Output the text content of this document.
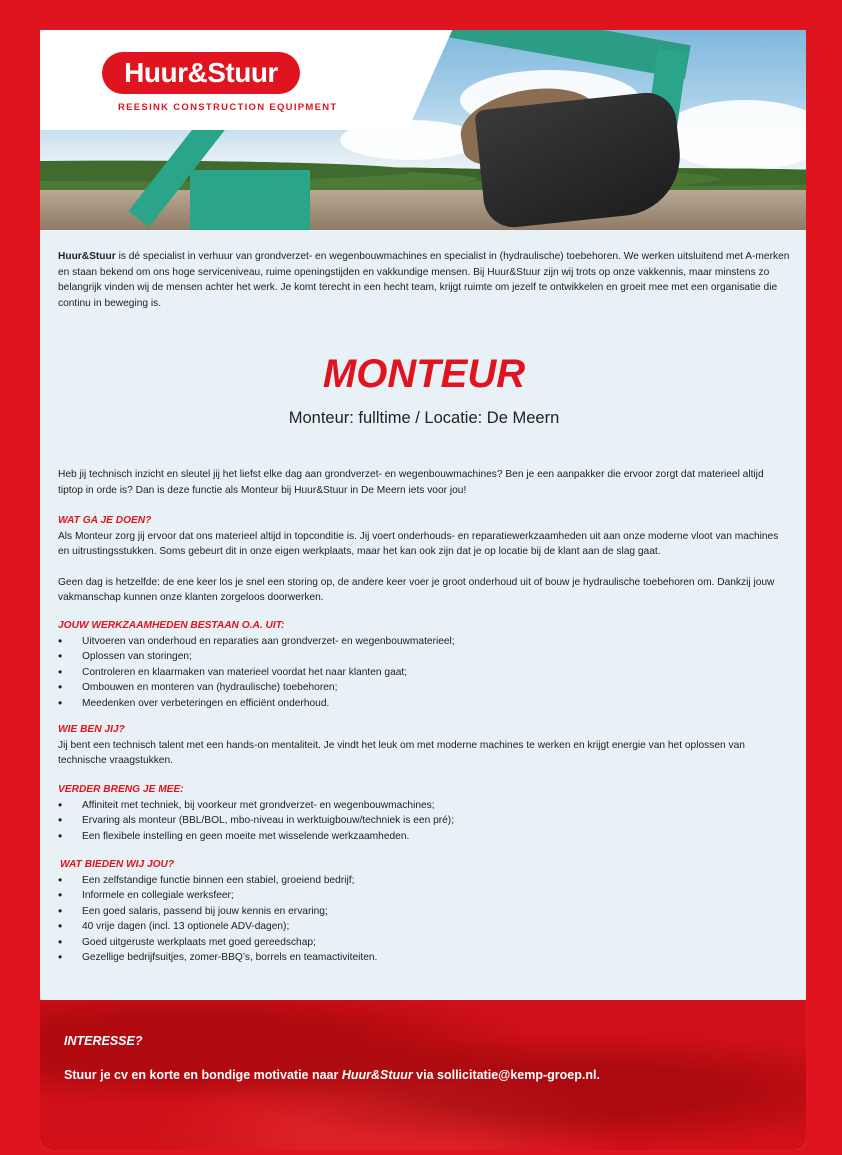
Huur&Stuur
REESINK CONSTRUCTION EQUIPMENT

Huur&Stuur is dé specialist in verhuur van grondverzet- en wegenbouwmachines en specialist in (hydraulische) toebehoren. We werken uitsluitend met A-merken en staan bekend om ons hoge serviceniveau, ruime openingstijden en vakkundige mensen. Bij Huur&Stuur zijn wij trots op onze vakkennis, maar minstens zo belangrijk vinden wij de mensen achter het werk. Je komt terecht in een hecht team, krijgt ruimte om jezelf te ontwikkelen en groeit mee met een organisatie die continu in beweging is.

MONTEUR
Monteur: fulltime / Locatie: De Meern

Heb jij technisch inzicht en sleutel jij het liefst elke dag aan grondverzet- en wegenbouwmachines? Ben je een aanpakker die ervoor zorgt dat materieel altijd tiptop in orde is? Dan is deze functie als Monteur bij Huur&Stuur in De Meern iets voor jou!

WAT GA JE DOEN?

Als Monteur zorg jij ervoor dat ons materieel altijd in topconditie is. Jij voert onderhouds- en reparatiewerkzaamheden uit aan onze moderne vloot van machines en uitrustingsstukken. Soms gebeurt dit in onze eigen werkplaats, maar het kan ook zijn dat je op locatie bij de klant aan de slag gaat.

Geen dag is hetzelfde: de ene keer los je snel een storing op, de andere keer voer je groot onderhoud uit of bouw je hydraulische toebehoren om. Dankzij jouw vakmanschap kunnen onze klanten zorgeloos doorwerken.

JOUW WERKZAAMHEDEN BESTAAN O.A. UIT:
• Uitvoeren van onderhoud en reparaties aan grondverzet- en wegenbouwmaterieel;
• Oplossen van storingen;
• Controleren en klaarmaken van materieel voordat het naar klanten gaat;
• Ombouwen en monteren van (hydraulische) toebehoren;
• Meedenken over verbeteringen en efficiënt onderhoud.
WIE BEN JIJ?

Jij bent een technisch talent met een hands-on mentaliteit. Je vindt het leuk om met moderne machines te werken en krijgt energie van het oplossen van technische vraagstukken.

VERDER BRENG JE MEE:
• Affiniteit met techniek, bij voorkeur met grondverzet- en wegenbouwmachines;
• Ervaring als monteur (BBL/BOL, mbo-niveau in werktuigbouw/techniek is een pré);
• Een flexibele instelling en geen moeite met wisselende werkzaamheden.
WAT BIEDEN WIJ JOU?
• Een zelfstandige functie binnen een stabiel, groeiend bedrijf;
• Informele en collegiale werksfeer;
• Een goed salaris, passend bij jouw kennis en ervaring;
• 40 vrije dagen (incl. 13 optionele ADV-dagen);
• Goed uitgeruste werkplaats met goed gereedschap;
• Gezellige bedrijfsuitjes, zomer-BBQ’s, borrels en teamactiviteiten.
INTERESSE?
Stuur je cv en korte en bondige motivatie naar Huur&Stuur via sollicitatie@kemp-groep.nl.
